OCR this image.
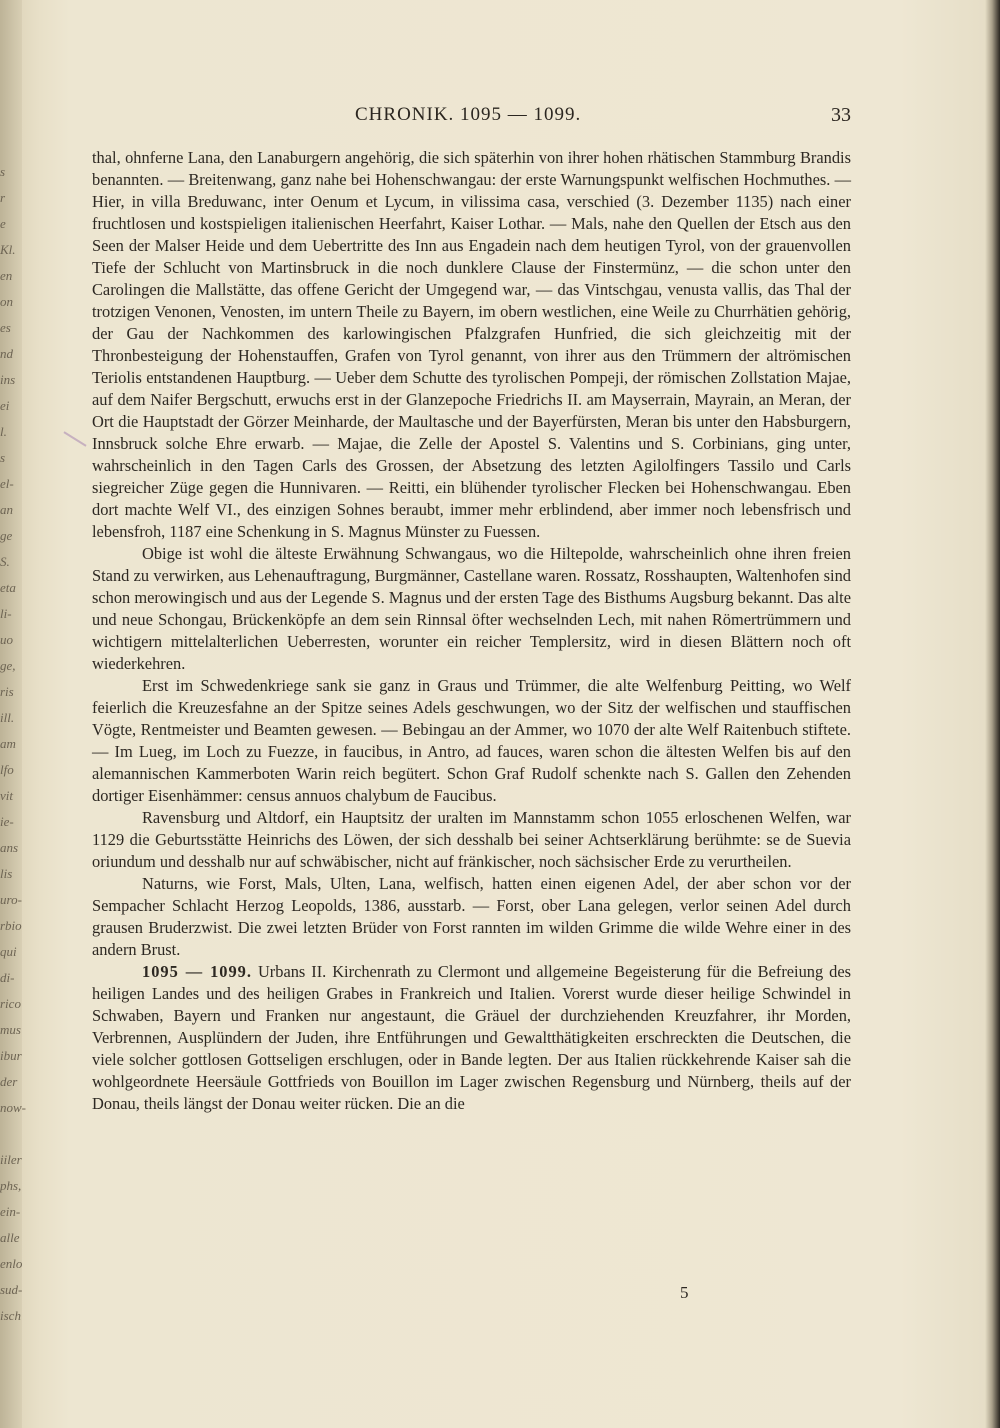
s
r
e
Kl.
en
on
es
nd
ins
ei
l.
s
el-
an
ge
S.
eta
li-
uo
ge,
ris
ill.
am
lfo
vit
ie-
ans
lis
uro-
rbio
qui
di-
rico
mus
ibur
der
now-
iiler
phs,
ein-
alle
enlo
sud-
isch
CHRONIK. 1095 — 1099.	33

thal, ohnferne Lana, den Lanaburgern angehörig, die sich späterhin von ihrer hohen rhätischen Stammburg Brandis benannten. — Breitenwang, ganz nahe bei Hohenschwangau: der erste Warnungspunkt welfischen Hochmuthes. — Hier, in villa Breduwanc, inter Oenum et Lycum, in vilissima casa, verschied (3. Dezember 1135) nach einer fruchtlosen und kostspieligen italienischen Heerfahrt, Kaiser Lothar. — Mals, nahe den Quellen der Etsch aus den Seen der Malser Heide und dem Uebertritte des Inn aus Engadein nach dem heutigen Tyrol, von der grauenvollen Tiefe der Schlucht von Martinsbruck in die noch dunklere Clause der Finstermünz, — die schon unter den Carolingen die Mallstätte, das offene Gericht der Umgegend war, — das Vintschgau, venusta vallis, das Thal der trotzigen Venonen, Venosten, im untern Theile zu Bayern, im obern westlichen, eine Weile zu Churrhätien gehörig, der Gau der Nachkommen des karlowingischen Pfalzgrafen Hunfried, die sich gleichzeitig mit der Thronbesteigung der Hohenstauffen, Grafen von Tyrol genannt, von ihrer aus den Trümmern der altrömischen Teriolis entstandenen Hauptburg. — Ueber dem Schutte des tyrolischen Pompeji, der römischen Zollstation Majae, auf dem Naifer Bergschutt, erwuchs erst in der Glanzepoche Friedrichs II. am Mayserrain, Mayrain, an Meran, der Ort die Hauptstadt der Görzer Meinharde, der Maultasche und der Bayerfürsten, Meran bis unter den Habsburgern, Innsbruck solche Ehre erwarb. — Majae, die Zelle der Apostel S. Valentins und S. Corbinians, ging unter, wahrscheinlich in den Tagen Carls des Grossen, der Absetzung des letzten Agilolfingers Tassilo und Carls siegreicher Züge gegen die Hunnivaren. — Reitti, ein blühender tyrolischer Flecken bei Hohenschwangau. Eben dort machte Welf VI., des einzigen Sohnes beraubt, immer mehr erblindend, aber immer noch lebensfrisch und lebensfroh, 1187 eine Schenkung in S. Magnus Münster zu Fuessen.

Obige ist wohl die älteste Erwähnung Schwangaus, wo die Hiltepolde, wahrscheinlich ohne ihren freien Stand zu verwirken, aus Lehenauftragung, Burgmänner, Castellane waren. Rossatz, Rosshaupten, Waltenhofen sind schon merowingisch und aus der Legende S. Magnus und der ersten Tage des Bisthums Augsburg bekannt. Das alte und neue Schongau, Brückenköpfe an dem sein Rinnsal öfter wechselnden Lech, mit nahen Römertrümmern und wichtigern mittelalterlichen Ueberresten, worunter ein reicher Templersitz, wird in diesen Blättern noch oft wiederkehren.

Erst im Schwedenkriege sank sie ganz in Graus und Trümmer, die alte Welfenburg Peitting, wo Welf feierlich die Kreuzesfahne an der Spitze seines Adels geschwungen, wo der Sitz der welfischen und stauffischen Vögte, Rentmeister und Beamten gewesen. — Bebingau an der Ammer, wo 1070 der alte Welf Raitenbuch stiftete. — Im Lueg, im Loch zu Fuezze, in faucibus, in Antro, ad fauces, waren schon die ältesten Welfen bis auf den alemannischen Kammerboten Warin reich begütert. Schon Graf Rudolf schenkte nach S. Gallen den Zehenden dortiger Eisenhämmer: census annuos chalybum de Faucibus.

Ravensburg und Altdorf, ein Hauptsitz der uralten im Mannstamm schon 1055 erloschenen Welfen, war 1129 die Geburtsstätte Heinrichs des Löwen, der sich desshalb bei seiner Achtserklärung berühmte: se de Suevia oriundum und desshalb nur auf schwäbischer, nicht auf fränkischer, noch sächsischer Erde zu verurtheilen.

Naturns, wie Forst, Mals, Ulten, Lana, welfisch, hatten einen eigenen Adel, der aber schon vor der Sempacher Schlacht Herzog Leopolds, 1386, ausstarb. — Forst, ober Lana gelegen, verlor seinen Adel durch grausen Bruderzwist. Die zwei letzten Brüder von Forst rannten im wilden Grimme die wilde Wehre einer in des andern Brust.

1095 — 1099. Urbans II. Kirchenrath zu Clermont und allgemeine Begeisterung für die Befreiung des heiligen Landes und des heiligen Grabes in Frankreich und Italien. Vorerst wurde dieser heilige Schwindel in Schwaben, Bayern und Franken nur angestaunt, die Gräuel der durchziehenden Kreuzfahrer, ihr Morden, Verbrennen, Ausplündern der Juden, ihre Entführungen und Gewaltthätigkeiten erschreckten die Deutschen, die viele solcher gottlosen Gottseligen erschlugen, oder in Bande legten. Der aus Italien rückkehrende Kaiser sah die wohlgeordnete Heersäule Gottfrieds von Bouillon im Lager zwischen Regensburg und Nürnberg, theils auf der Donau, theils längst der Donau weiter rücken. Die an die

5
